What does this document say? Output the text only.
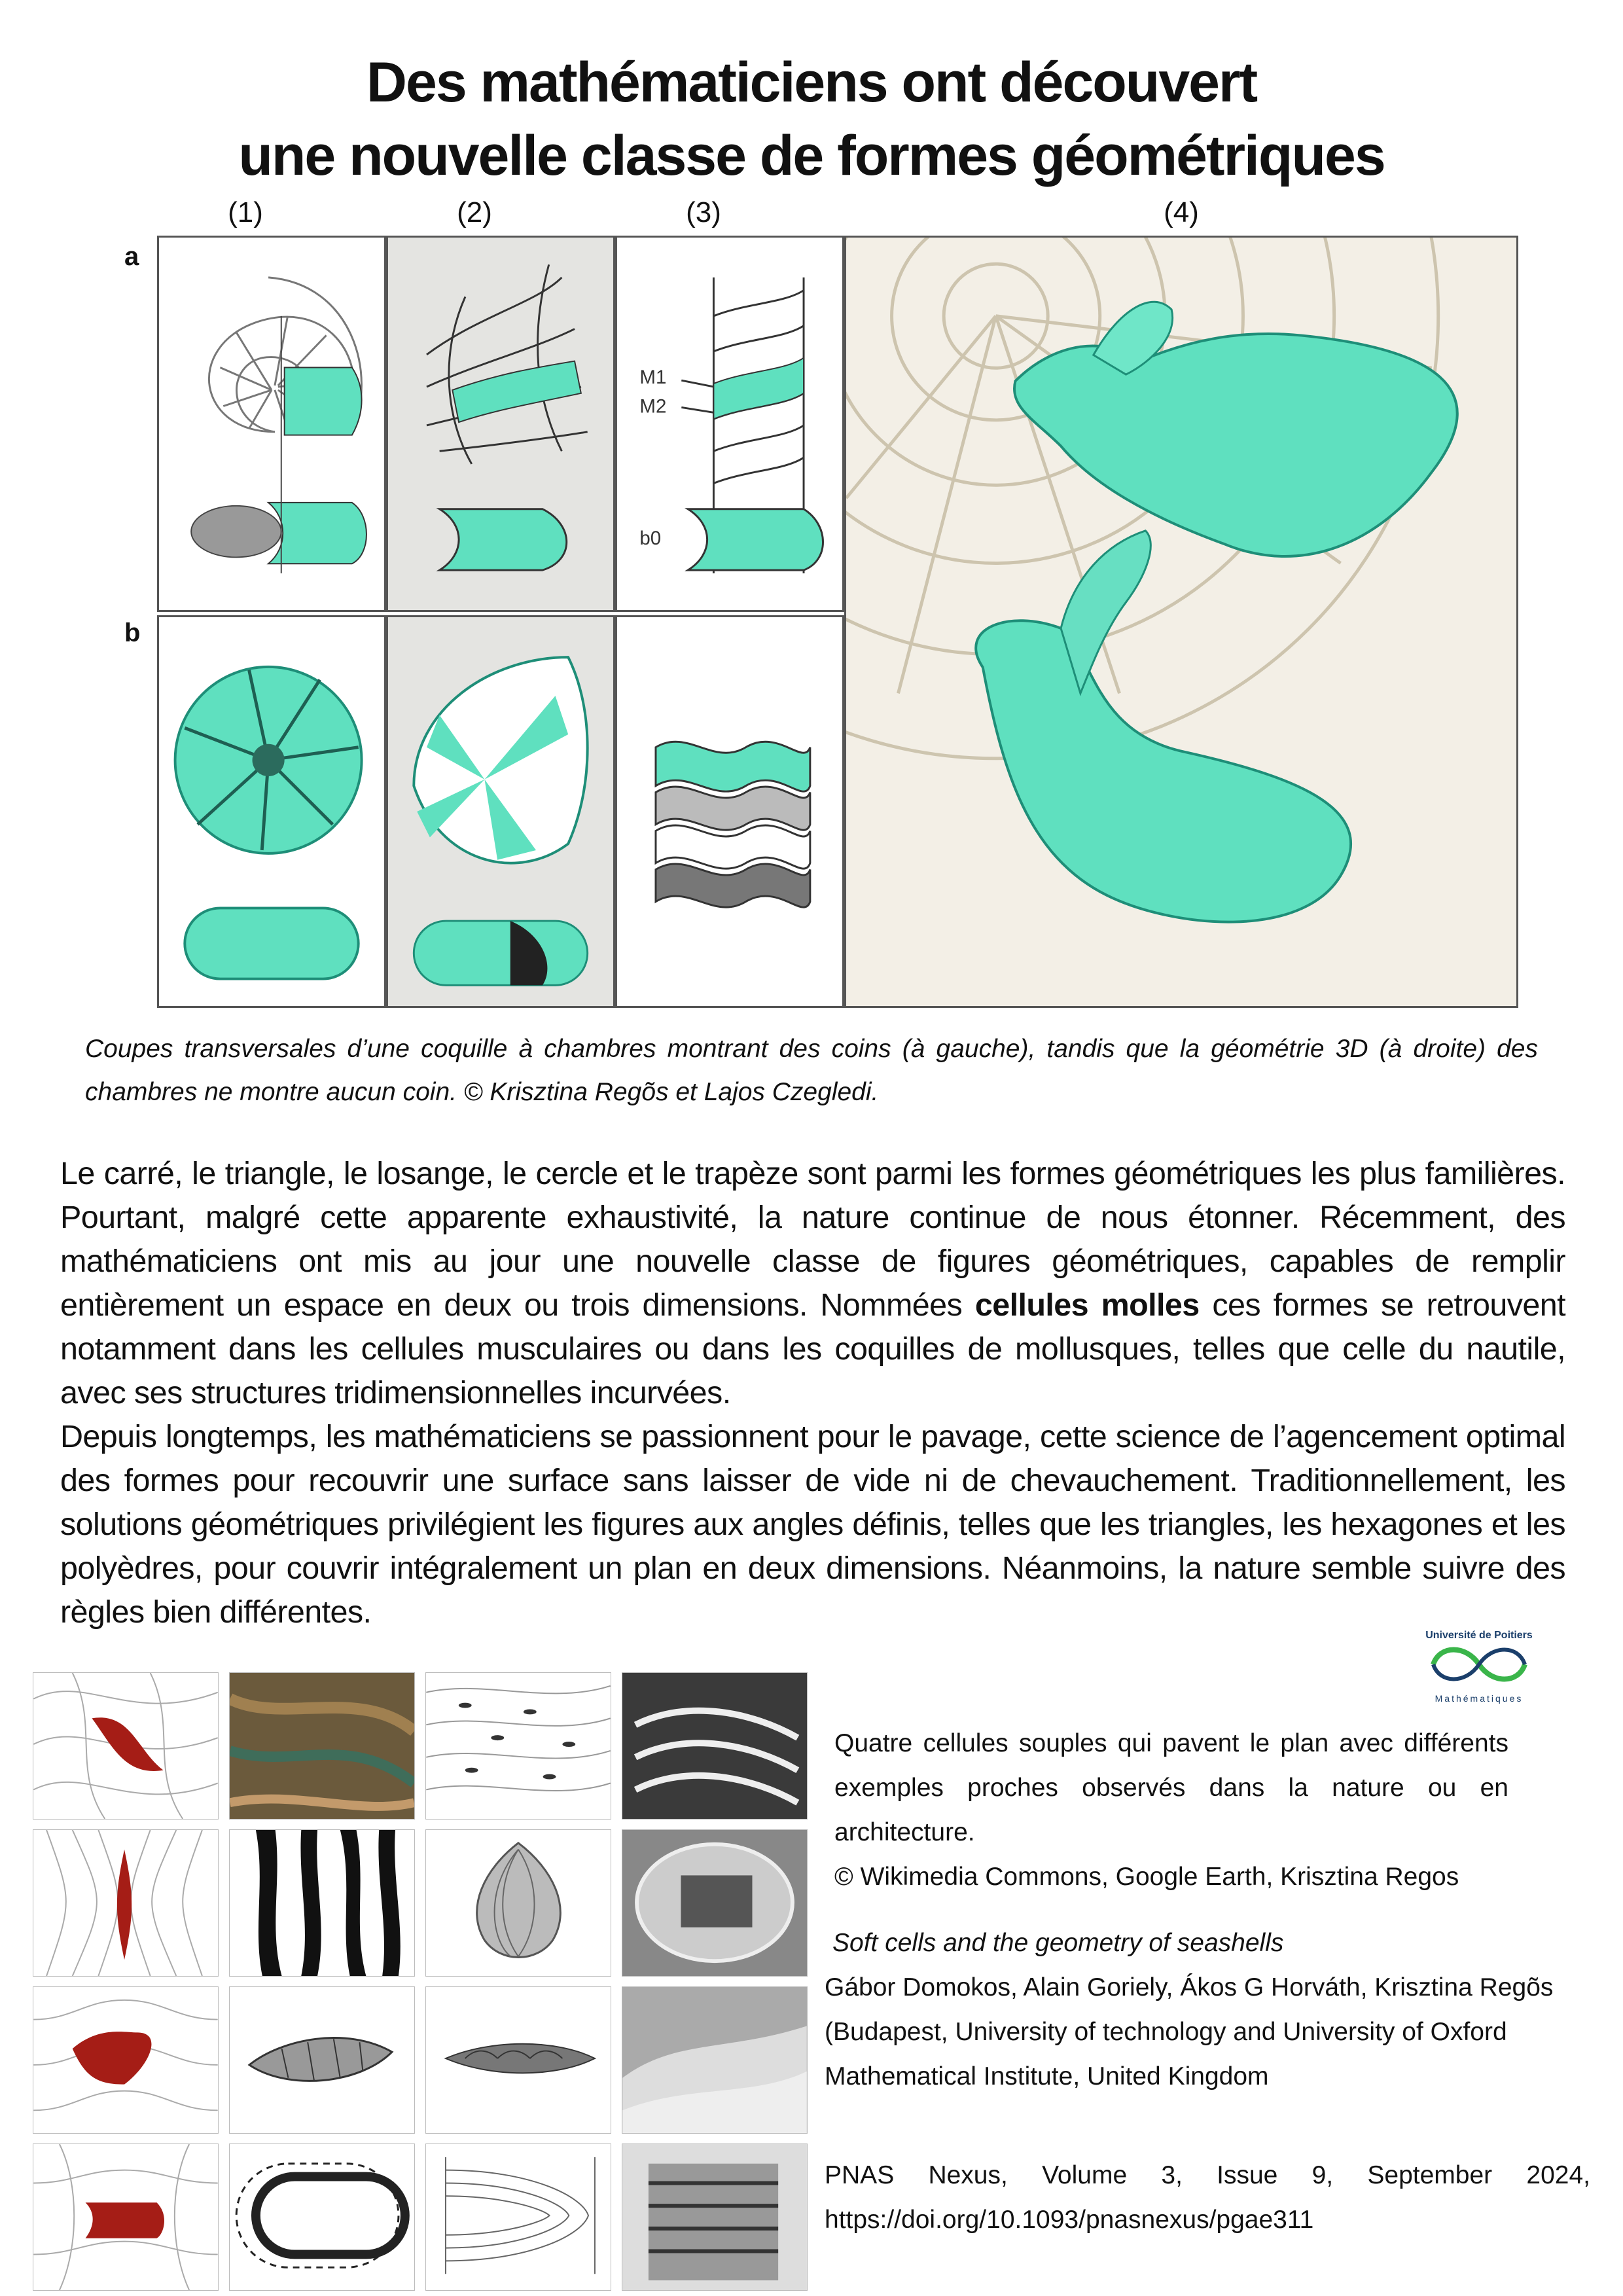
Des mathématiciens ont découvert
une nouvelle classe de formes géométriques
(1)	(2)	(3)	(4)
a
b
M1
M2
b0
Coupes transversales d’une coquille à chambres montrant des coins (à gauche), tandis que la géométrie 3D (à droite) des chambres ne montre aucun coin. © Krisztina Regõs et Lajos Czegledi.

Le carré, le triangle, le losange, le cercle et le trapèze sont parmi les formes géométriques les plus familières. Pourtant, malgré cette apparente exhaustivité, la nature continue de nous étonner. Récemment, des mathématiciens ont mis au jour une nouvelle classe de figures géométriques, capables de remplir entièrement un espace en deux ou trois dimensions. Nommées cellules molles ces formes se retrouvent notamment dans les cellules musculaires ou dans les coquilles de mollusques, telles que celle du nautile, avec ses structures tridimensionnelles incurvées.

Depuis longtemps, les mathématiciens se passionnent pour le pavage, cette science de l’agencement optimal des formes pour recouvrir une surface sans laisser de vide ni de chevauchement. Traditionnellement, les solutions géométriques privilégient les figures aux angles définis, telles que les triangles, les hexagones et les polyèdres, pour couvrir intégralement un plan en deux dimensions. Néanmoins, la nature semble suivre des règles bien différentes.

Université de Poitiers
Mathématiques
Quatre cellules souples qui pavent le plan avec différents exemples proches observés dans la nature ou en architecture.
© Wikimedia Commons, Google Earth, Krisztina Regos
Soft cells and the geometry of seashells
Gábor Domokos, Alain Goriely, Ákos G Horváth, Krisztina Regõs
(Budapest, University of technology and University of Oxford Mathematical Institute, United Kingdom
PNAS Nexus, Volume 3, Issue 9, September 2024, https://doi.org/10.1093/pnasnexus/pgae311
